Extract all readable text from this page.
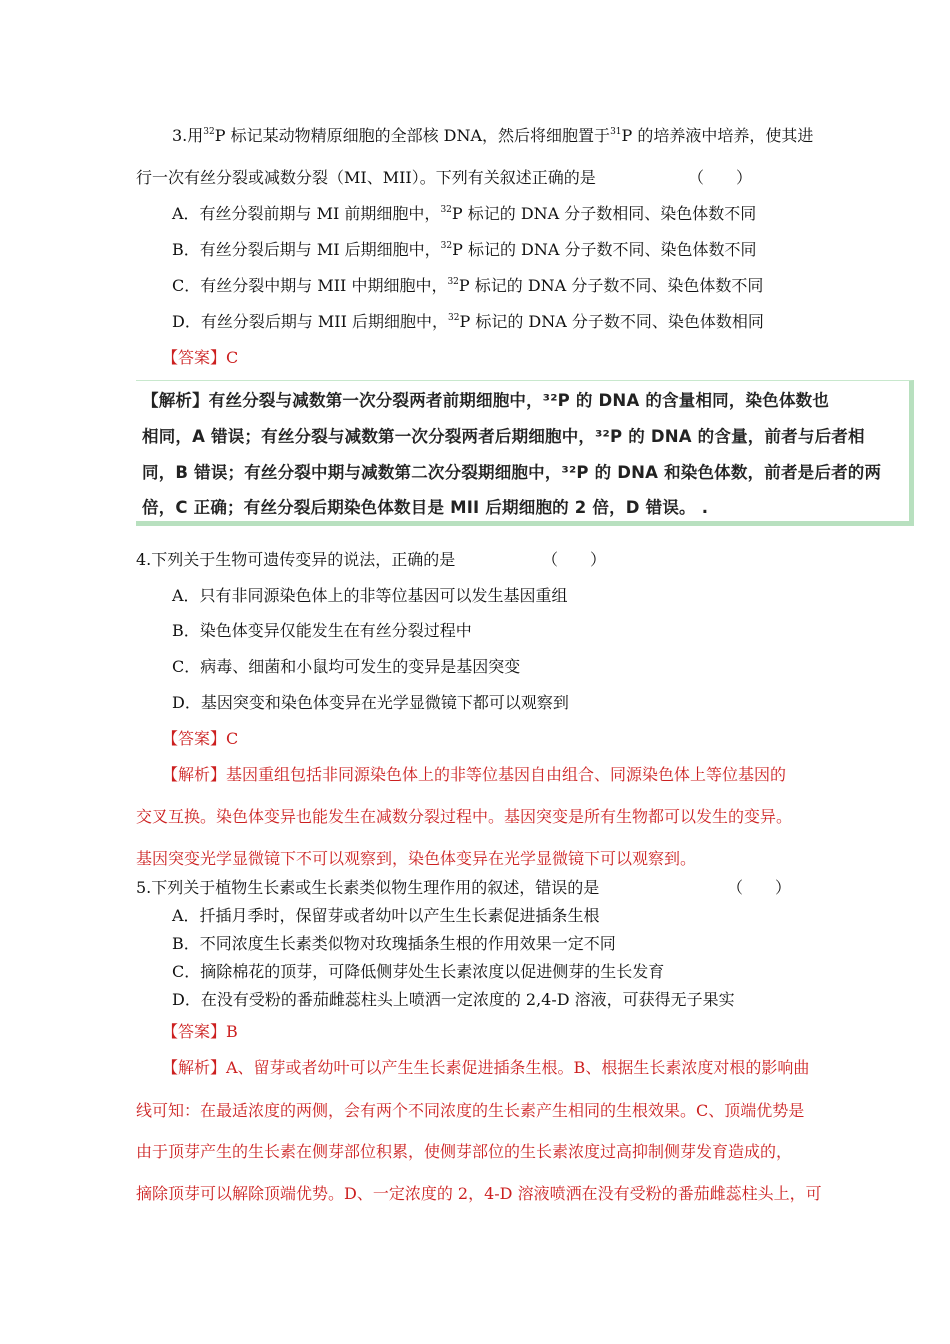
3.用$^{32}$P 标记某动物精原细胞的全部核 DNA，然后将细胞置于$^{31}$P 的培养液中培养，使其进
行一次有丝分裂或减数分裂（MI、MII）。下列有关叙述正确的是	（　　）
A．有丝分裂前期与 MI 前期细胞中，$^{32}$P 标记的 DNA 分子数相同、染色体数不同
B．有丝分裂后期与 MI 后期细胞中，$^{32}$P 标记的 DNA 分子数不同、染色体数不同
C．有丝分裂中期与 MII 中期细胞中，$^{32}$P 标记的 DNA 分子数不同、染色体数不同
D．有丝分裂后期与 MII 后期细胞中，$^{32}$P 标记的 DNA 分子数不同、染色体数相同
【答案】C
【解析】有丝分裂与减数第一次分裂两者前期细胞中，³²P 的 DNA 的含量相同，染色体数也
相同，A 错误；有丝分裂与减数第一次分裂两者后期细胞中，³²P 的 DNA 的含量，前者与后者相
同，B 错误；有丝分裂中期与减数第二次分裂期细胞中，³²P 的 DNA 和染色体数，前者是后者的两
倍，C 正确；有丝分裂后期染色体数目是 MII 后期细胞的 2 倍，D 错误。 .
4.下列关于生物可遗传变异的说法，正确的是	（　　）
A．只有非同源染色体上的非等位基因可以发生基因重组
B．染色体变异仅能发生在有丝分裂过程中
C．病毒、细菌和小鼠均可发生的变异是基因突变
D．基因突变和染色体变异在光学显微镜下都可以观察到
【答案】C
【解析】基因重组包括非同源染色体上的非等位基因自由组合、同源染色体上等位基因的
交叉互换。染色体变异也能发生在减数分裂过程中。基因突变是所有生物都可以发生的变异。
基因突变光学显微镜下不可以观察到，染色体变异在光学显微镜下可以观察到。
5.下列关于植物生长素或生长素类似物生理作用的叙述，错误的是	（　　）
A．扦插月季时，保留芽或者幼叶以产生生长素促进插条生根
B．不同浓度生长素类似物对玫瑰插条生根的作用效果一定不同
C．摘除棉花的顶芽，可降低侧芽处生长素浓度以促进侧芽的生长发育
D．在没有受粉的番茄雌蕊柱头上喷洒一定浓度的 2,4-D 溶液，可获得无子果实
【答案】B
【解析】A、留芽或者幼叶可以产生生长素促进插条生根。B、根据生长素浓度对根的影响曲
线可知：在最适浓度的两侧，会有两个不同浓度的生长素产生相同的生根效果。C、顶端优势是
由于顶芽产生的生长素在侧芽部位积累，使侧芽部位的生长素浓度过高抑制侧芽发育造成的，
摘除顶芽可以解除顶端优势。D、一定浓度的 2，4-D 溶液喷洒在没有受粉的番茄雌蕊柱头上，可
